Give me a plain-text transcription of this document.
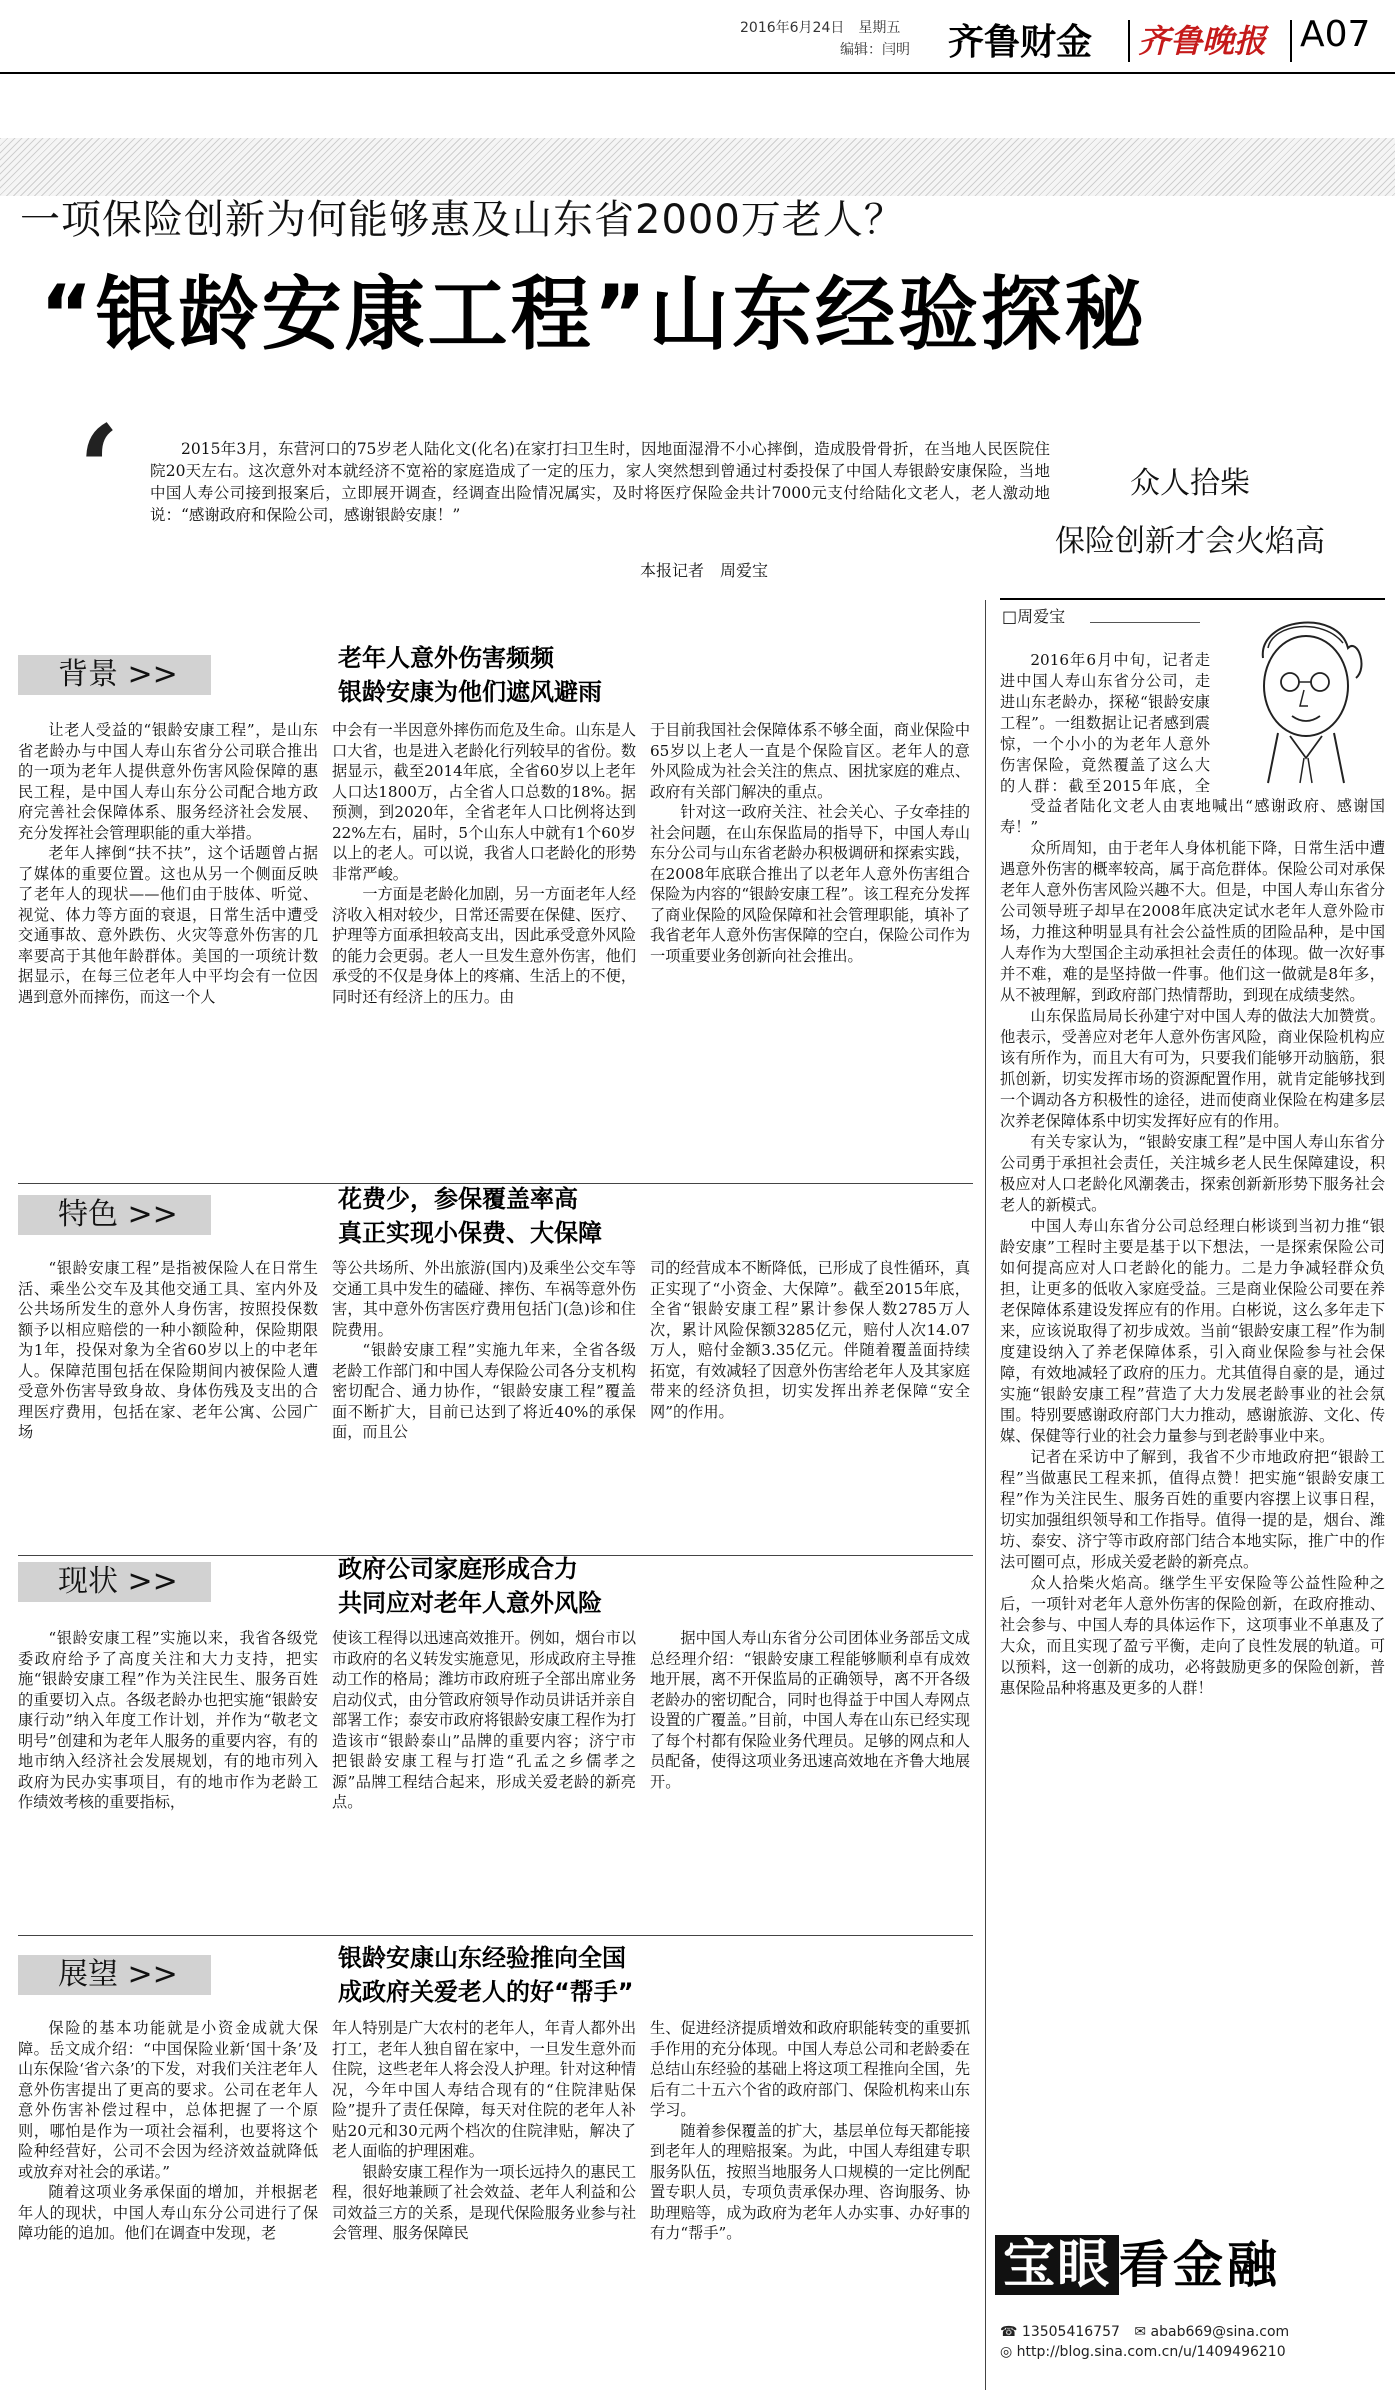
2016年6月24日　星期五
编辑：闫明 齐鲁财金 齐鲁晚报 A07
一项保险创新为何能够惠及山东省2000万老人？
“银龄安康工程”山东经验探秘
‘	2015年3月，东营河口的75岁老人陆化文(化名)在家打扫卫生时，因地面湿滑不小心摔倒，造成股骨骨折，在当地人民医院住院20天左右。这次意外对本就经济不宽裕的家庭造成了一定的压力，家人突然想到曾通过村委投保了中国人寿银龄安康保险，当地中国人寿公司接到报案后，立即展开调查，经调查出险情况属实，及时将医疗保险金共计7000元支付给陆化文老人，老人激动地说：“感谢政府和保险公司，感谢银龄安康！”

本报记者　周爱宝
众人拾柴
保险创新才会火焰高
□周爱宝

2016年6月中旬，记者走进中国人寿山东省分公司，走进山东老龄办，探秘“银龄安康工程”。一组数据让记者感到震惊，一个小小的为老年人意外伤害保险，竟然覆盖了这么大的人群：截至2015年底，全

受益者陆化文老人由衷地喊出“感谢政府、感谢国寿！”

众所周知，由于老年人身体机能下降，日常生活中遭遇意外伤害的概率较高，属于高危群体。保险公司对承保老年人意外伤害风险兴趣不大。但是，中国人寿山东省分公司领导班子却早在2008年底决定试水老年人意外险市场，力推这种明显具有社会公益性质的团险品种，是中国人寿作为大型国企主动承担社会责任的体现。做一次好事并不难，难的是坚持做一件事。他们这一做就是8年多，从不被理解，到政府部门热情帮助，到现在成绩斐然。

山东保监局局长孙建宁对中国人寿的做法大加赞赏。他表示，受善应对老年人意外伤害风险，商业保险机构应该有所作为，而且大有可为，只要我们能够开动脑筋，狠抓创新，切实发挥市场的资源配置作用，就肯定能够找到一个调动各方积极性的途径，进而使商业保险在构建多层次养老保障体系中切实发挥好应有的作用。

有关专家认为，“银龄安康工程”是中国人寿山东省分公司勇于承担社会责任，关注城乡老人民生保障建设，积极应对人口老龄化风潮袭击，探索创新新形势下服务社会老人的新模式。

中国人寿山东省分公司总经理白彬谈到当初力推“银龄安康”工程时主要是基于以下想法，一是探索保险公司如何提高应对人口老龄化的能力。二是力争减轻群众负担，让更多的低收入家庭受益。三是商业保险公司要在养老保障体系建设发挥应有的作用。白彬说，这么多年走下来，应该说取得了初步成效。当前“银龄安康工程”作为制度建设纳入了养老保障体系，引入商业保险参与社会保障，有效地减轻了政府的压力。尤其值得自豪的是，通过实施“银龄安康工程”营造了大力发展老龄事业的社会氛围。特别要感谢政府部门大力推动，感谢旅游、文化、传媒、保健等行业的社会力量参与到老龄事业中来。

记者在采访中了解到，我省不少市地政府把“银龄工程”当做惠民工程来抓，值得点赞！把实施“银龄安康工程”作为关注民生、服务百姓的重要内容摆上议事日程，切实加强组织领导和工作指导。值得一提的是，烟台、潍坊、泰安、济宁等市政府部门结合本地实际，推广中的作法可圈可点，形成关爱老龄的新亮点。

众人拾柴火焰高。继学生平安保险等公益性险种之后，一项针对老年人意外伤害的保险创新，在政府推动、社会参与、中国人寿的具体运作下，这项事业不单惠及了大众，而且实现了盈亏平衡，走向了良性发展的轨道。可以预料，这一创新的成功，必将鼓励更多的保险创新，普惠保险品种将惠及更多的人群！

背景 >>	老年人意外伤害频频
银龄安康为他们遮风避雨

让老人受益的“银龄安康工程”，是山东省老龄办与中国人寿山东省分公司联合推出的一项为老年人提供意外伤害风险保障的惠民工程，是中国人寿山东分公司配合地方政府完善社会保障体系、服务经济社会发展、充分发挥社会管理职能的重大举措。

老年人摔倒“扶不扶”，这个话题曾占据了媒体的重要位置。这也从另一个侧面反映了老年人的现状——他们由于肢体、听觉、视觉、体力等方面的衰退，日常生活中遭受交通事故、意外跌伤、火灾等意外伤害的几率要高于其他年龄群体。美国的一项统计数据显示，在每三位老年人中平均会有一位因遇到意外而摔伤，而这一个人

中会有一半因意外摔伤而危及生命。山东是人口大省，也是进入老龄化行列较早的省份。数据显示，截至2014年底，全省60岁以上老年人口达1800万，占全省人口总数的18%。据预测，到2020年，全省老年人口比例将达到22%左右，届时，5个山东人中就有1个60岁以上的老人。可以说，我省人口老龄化的形势非常严峻。

一方面是老龄化加剧，另一方面老年人经济收入相对较少，日常还需要在保健、医疗、护理等方面承担较高支出，因此承受意外风险的能力会更弱。老人一旦发生意外伤害，他们承受的不仅是身体上的疼痛、生活上的不便，同时还有经济上的压力。由

于目前我国社会保障体系不够全面，商业保险中65岁以上老人一直是个保险盲区。老年人的意外风险成为社会关注的焦点、困扰家庭的难点、政府有关部门解决的重点。

针对这一政府关注、社会关心、子女牵挂的社会问题，在山东保监局的指导下，中国人寿山东分公司与山东省老龄办积极调研和探索实践，在2008年底联合推出了以老年人意外伤害组合保险为内容的“银龄安康工程”。该工程充分发挥了商业保险的风险保障和社会管理职能，填补了我省老年人意外伤害保障的空白，保险公司作为一项重要业务创新向社会推出。

特色 >>	花费少，参保覆盖率高
真正实现小保费、大保障

“银龄安康工程”是指被保险人在日常生活、乘坐公交车及其他交通工具、室内外及公共场所发生的意外人身伤害，按照投保数额予以相应赔偿的一种小额险种，保险期限为1年，投保对象为全省60岁以上的中老年人。保障范围包括在保险期间内被保险人遭受意外伤害导致身故、身体伤残及支出的合理医疗费用，包括在家、老年公寓、公园广场

等公共场所、外出旅游(国内)及乘坐公交车等交通工具中发生的磕碰、摔伤、车祸等意外伤害，其中意外伤害医疗费用包括门(急)诊和住院费用。

“银龄安康工程”实施九年来，全省各级老龄工作部门和中国人寿保险公司各分支机构密切配合、通力协作，“银龄安康工程”覆盖面不断扩大，目前已达到了将近40%的承保面，而且公

司的经营成本不断降低，已形成了良性循环，真正实现了“小资金、大保障”。截至2015年底，全省“银龄安康工程”累计参保人数2785万人次，累计风险保额3285亿元，赔付人次14.07万人，赔付金额3.35亿元。伴随着覆盖面持续拓宽，有效减轻了因意外伤害给老年人及其家庭带来的经济负担，切实发挥出养老保障“安全网”的作用。

现状 >>	政府公司家庭形成合力
共同应对老年人意外风险

“银龄安康工程”实施以来，我省各级党委政府给予了高度关注和大力支持，把实施“银龄安康工程”作为关注民生、服务百姓的重要切入点。各级老龄办也把实施“银龄安康行动”纳入年度工作计划，并作为“敬老文明号”创建和为老年人服务的重要内容，有的地市纳入经济社会发展规划，有的地市列入政府为民办实事项目，有的地市作为老龄工作绩效考核的重要指标，

使该工程得以迅速高效推开。例如，烟台市以市政府的名义转发实施意见，形成政府主导推动工作的格局；潍坊市政府班子全部出席业务启动仪式，由分管政府领导作动员讲话并亲自部署工作；泰安市政府将银龄安康工程作为打造该市“银龄泰山”品牌的重要内容；济宁市把银龄安康工程与打造“孔孟之乡儒孝之源”品牌工程结合起来，形成关爱老龄的新亮点。

据中国人寿山东省分公司团体业务部岳文成总经理介绍：“银龄安康工程能够顺利卓有成效地开展，离不开保监局的正确领导，离不开各级老龄办的密切配合，同时也得益于中国人寿网点设置的广覆盖。”目前，中国人寿在山东已经实现了每个村都有保险业务代理员。足够的网点和人员配备，使得这项业务迅速高效地在齐鲁大地展开。

展望 >>	银龄安康山东经验推向全国
成政府关爱老人的好“帮手”

保险的基本功能就是小资金成就大保障。岳文成介绍：“中国保险业新‘国十条’及山东保险‘省六条’的下发，对我们关注老年人意外伤害提出了更高的要求。公司在老年人意外伤害补偿过程中，总体把握了一个原则，哪怕是作为一项社会福利，也要将这个险种经营好，公司不会因为经济效益就降低或放弃对社会的承诺。”

随着这项业务承保面的增加，并根据老年人的现状，中国人寿山东分公司进行了保障功能的追加。他们在调查中发现，老

年人特别是广大农村的老年人，年青人都外出打工，老年人独自留在家中，一旦发生意外而住院，这些老年人将会没人护理。针对这种情况，今年中国人寿结合现有的“住院津贴保险”提升了责任保障，每天对住院的老年人补贴20元和30元两个档次的住院津贴，解决了老人面临的护理困难。

银龄安康工程作为一项长远持久的惠民工程，很好地兼顾了社会效益、老年人利益和公司效益三方的关系，是现代保险服务业参与社会管理、服务保障民

生、促进经济提质增效和政府职能转变的重要抓手作用的充分体现。中国人寿总公司和老龄委在总结山东经验的基础上将这项工程推向全国，先后有二十五六个省的政府部门、保险机构来山东学习。

随着参保覆盖的扩大，基层单位每天都能接到老年人的理赔报案。为此，中国人寿组建专职服务队伍，按照当地服务人口规模的一定比例配置专职人员，专项负责承保办理、咨询服务、协助理赔等，成为政府为老年人办实事、办好事的有力“帮手”。

宝眼 看金融
☎ 13505416757 ✉ abab669@sina.com
◎ http://blog.sina.com.cn/u/1409496210
